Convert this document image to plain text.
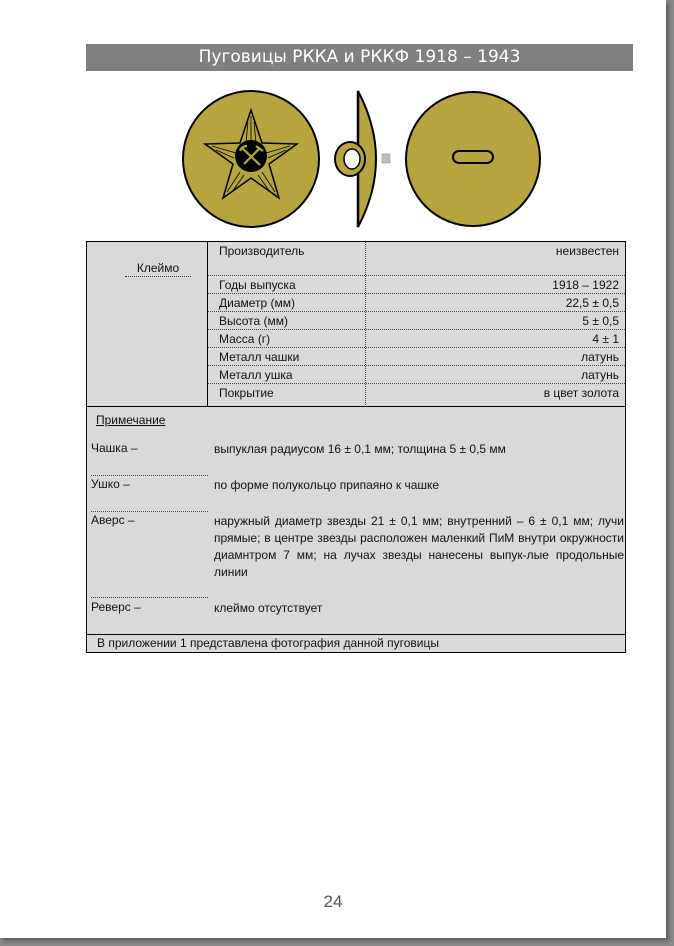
Пуговицы РККА и РККФ 1918 – 1943
Клеймо
Производитель	неизвестен
Годы выпуска	1918 – 1922
Диаметр (мм)	22,5 ± 0,5
Высота (мм)	5 ± 0,5
Масса (г)	4 ± 1
Металл чашки	латунь
Металл ушка	латунь
Покрытие	в цвет золота
Примечание
Чашка –	выпуклая радиусом 16 ± 0,1 мм; толщина 5 ± 0,5 мм
Ушко –	по форме полукольцо припаяно к чашке
Аверс –	наружный диаметр звезды 21 ± 0,1 мм; внутренний – 6 ± 0,1 мм; лучи прямые; в центре звезды расположен маленкий ПиМ внутри окружности диамнтром 7 мм; на лучах звезды нанесены выпук-лые продольные линии
Реверс –	клеймо отсутствует
В приложении 1 представлена фотография данной пуговицы
24
